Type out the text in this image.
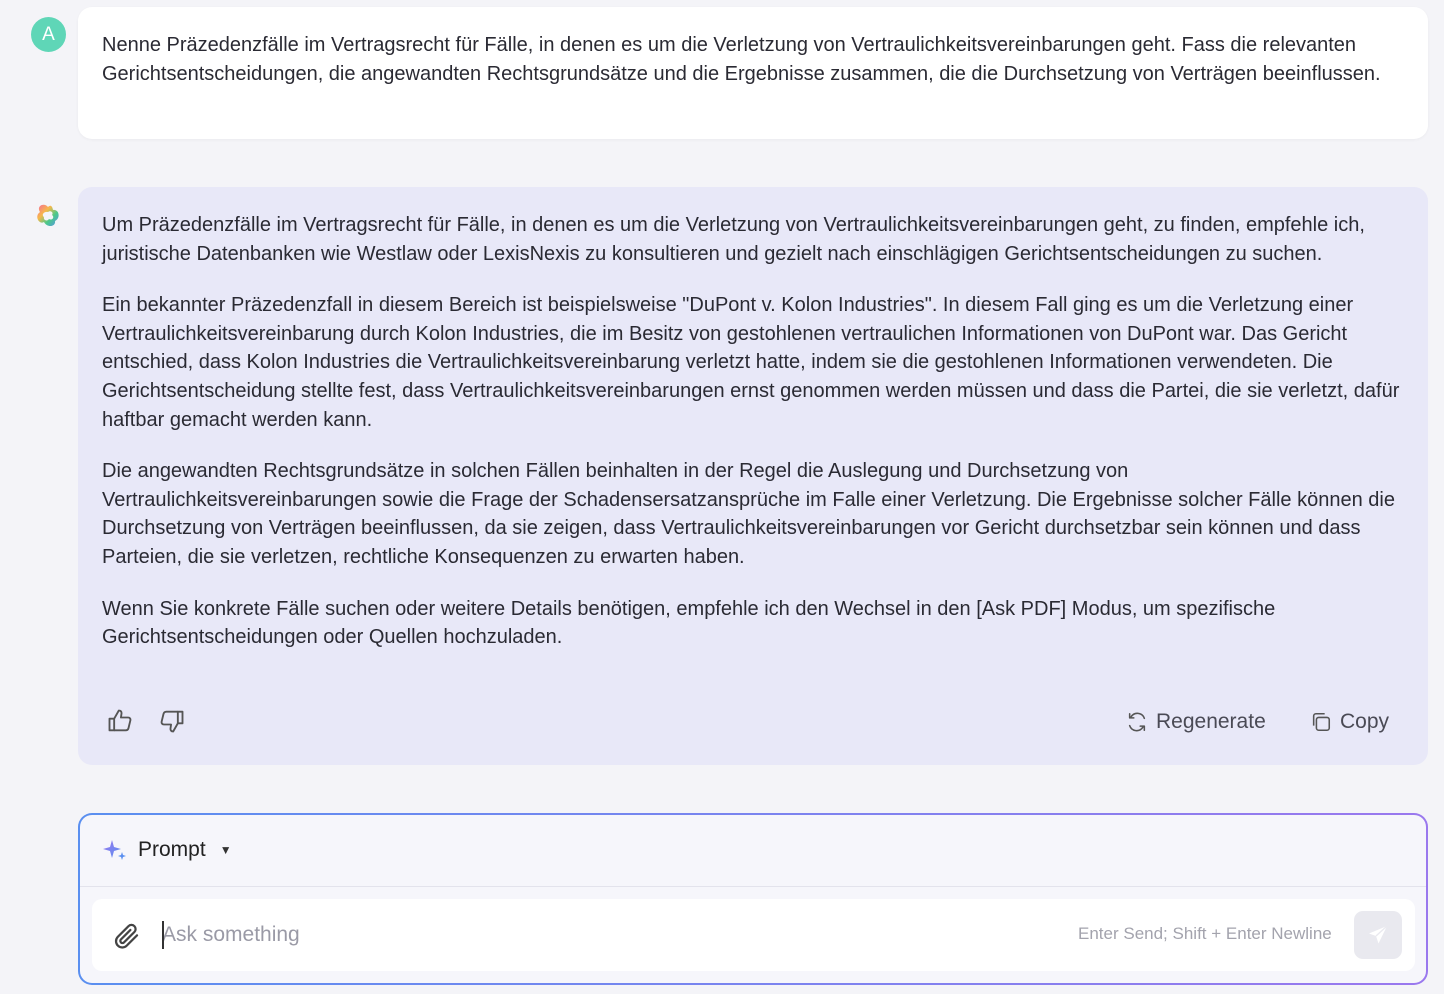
A	Nenne Präzedenzfälle im Vertragsrecht für Fälle, in denen es um die Verletzung von Vertraulichkeitsvereinbarungen geht. Fass die relevanten Gerichtsentscheidungen, die angewandten Rechtsgrundsätze und die Ergebnisse zusammen, die die Durchsetzung von Verträgen beeinflussen.

Um Präzedenzfälle im Vertragsrecht für Fälle, in denen es um die Verletzung von Vertraulichkeitsvereinbarungen geht, zu finden, empfehle ich, juristische Datenbanken wie Westlaw oder LexisNexis zu konsultieren und gezielt nach einschlägigen Gerichtsentscheidungen zu suchen.

Ein bekannter Präzedenzfall in diesem Bereich ist beispielsweise "DuPont v. Kolon Industries". In diesem Fall ging es um die Verletzung einer Vertraulichkeitsvereinbarung durch Kolon Industries, die im Besitz von gestohlenen vertraulichen Informationen von DuPont war. Das Gericht entschied, dass Kolon Industries die Vertraulichkeitsvereinbarung verletzt hatte, indem sie die gestohlenen Informationen verwendeten. Die Gerichtsentscheidung stellte fest, dass Vertraulichkeitsvereinbarungen ernst genommen werden müssen und dass die Partei, die sie verletzt, dafür haftbar gemacht werden kann.

Die angewandten Rechtsgrundsätze in solchen Fällen beinhalten in der Regel die Auslegung und Durchsetzung von Vertraulichkeitsvereinbarungen sowie die Frage der Schadensersatzansprüche im Falle einer Verletzung. Die Ergebnisse solcher Fälle können die Durchsetzung von Verträgen beeinflussen, da sie zeigen, dass Vertraulichkeitsvereinbarungen vor Gericht durchsetzbar sein können und dass Parteien, die sie verletzen, rechtliche Konsequenzen zu erwarten haben.

Wenn Sie konkrete Fälle suchen oder weitere Details benötigen, empfehle ich den Wechsel in den [Ask PDF] Modus, um spezifische Gerichtsentscheidungen oder Quellen hochzuladen.

Regenerate	Copy
Prompt ▼
Ask something
Enter Send; Shift + Enter Newline
